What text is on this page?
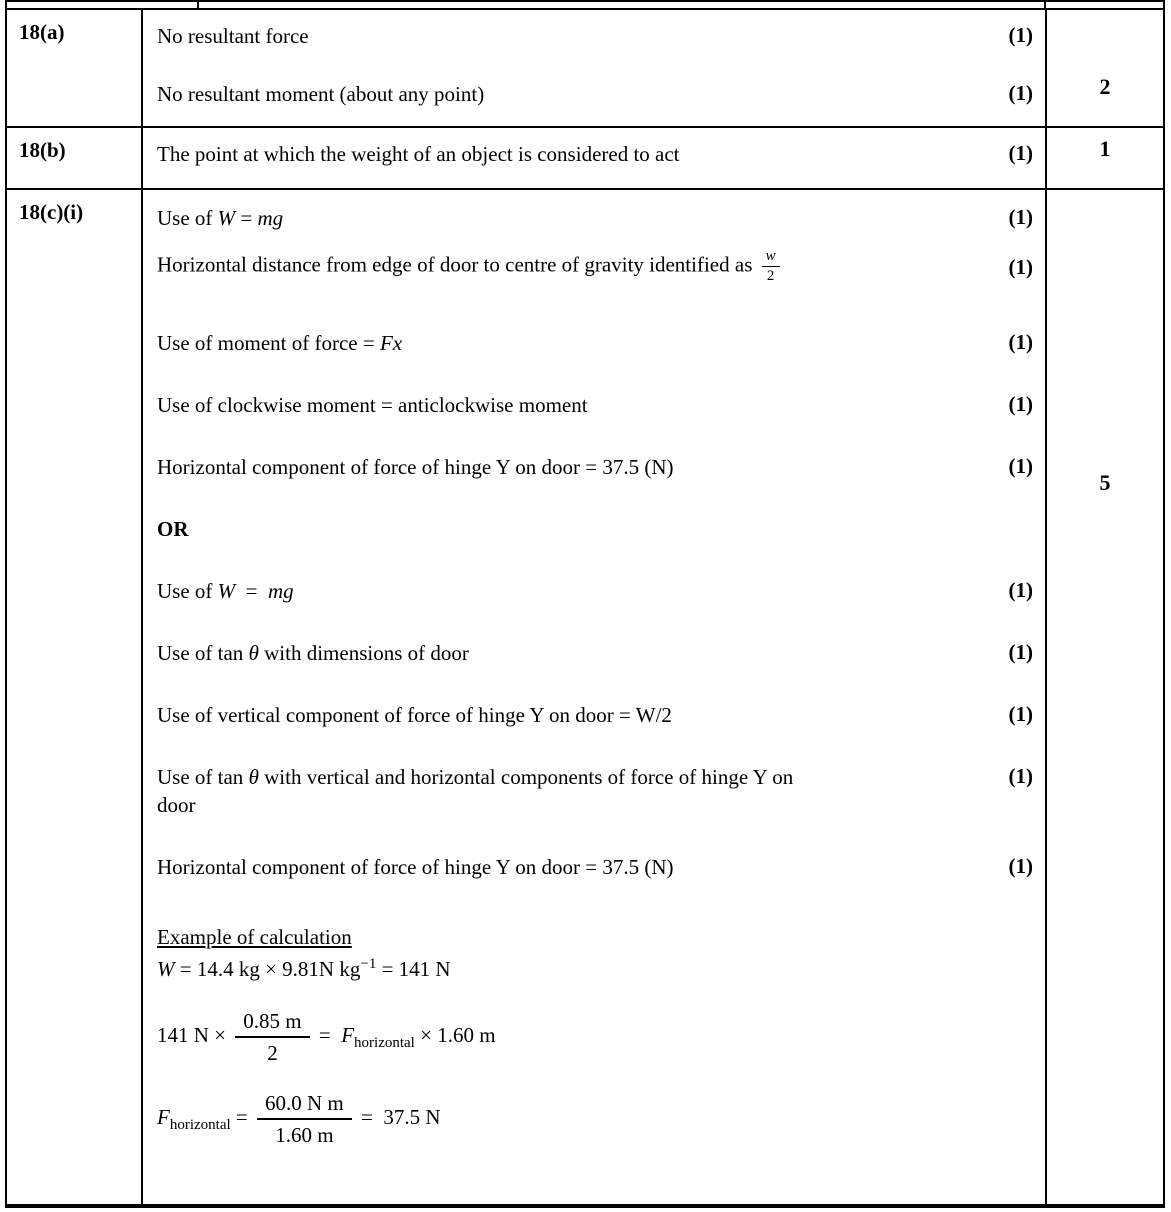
18(a)	No resultant force	(1)
No resultant moment (about any point)	(1)	2
18(b)	The point at which the weight of an object is considered to act	(1)	1
18(c)(i)	Use of W = mg	(1)
Horizontal distance from edge of door to centre of gravity identified as $\frac{w}{2}$	(1)
Use of moment of force = Fx	(1)
Use of clockwise moment = anticlockwise moment	(1)
Horizontal component of force of hinge Y on door = 37.5 (N)	(1)
OR
Use of W  =  mg	(1)
Use of tan θ with dimensions of door	(1)
Use of vertical component of force of hinge Y on door = W/2	(1)
Use of tan θ with vertical and horizontal components of force of hinge Y on
door
(1)
Horizontal component of force of hinge Y on door = 37.5 (N)	(1)
Example of calculation
W = 14.4 kg × 9.81N $kg^{-1} = 141$ N
141 $N \times \frac{0.85 m}{2} = F_{horizontal} \times 1.60$ m
$F_{horizontal} = \frac{\text{60.0 N m}}{1.60 m} = 37.5$ N
5
